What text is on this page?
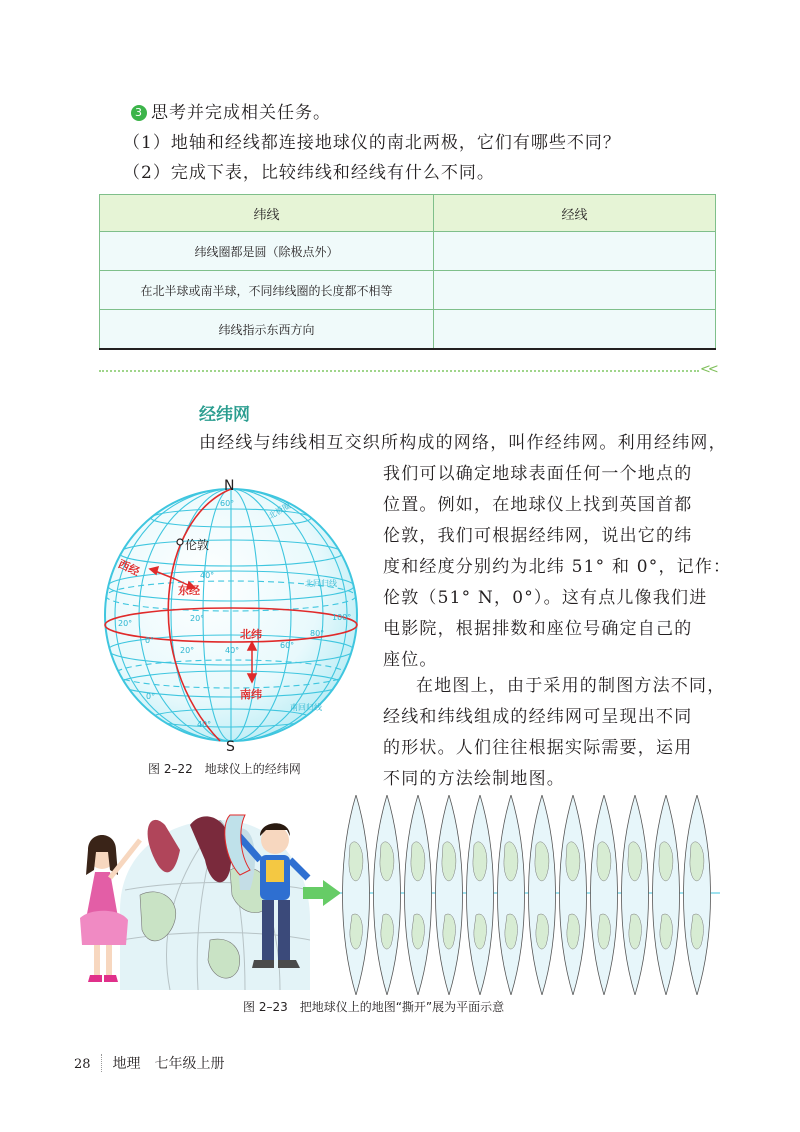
3 思考并完成相关任务。
（1）地轴和经线都连接地球仪的南北两极，它们有哪些不同？
（2）完成下表，比较纬线和经线有什么不同。
纬线	经线
纬线圈都是圆（除极点外）	
在北半球或南半球，不同纬线圈的长度都不相等	
纬线指示东西方向	
<<
经纬网
由经线与纬线相互交织所构成的网络，叫作经纬网。利用经纬网，
我们可以确定地球表面任何一个地点的
位置。例如，在地球仪上找到英国首都
伦敦，我们可根据经纬网，说出它的纬
度和经度分别约为北纬 51° 和 0°，记作：
伦敦（51° N，0°）。这有点儿像我们进
电影院，根据排数和座位号确定自己的
座位。
在地图上，由于采用的制图方法不同，
经线和纬线组成的经纬网可呈现出不同
的形状。人们往往根据实际需要，运用
不同的方法绘制地图。
N
伦敦
西经
东经
北纬
南纬
北极圈
北回归线
南回归线
60°
40°
20°
0°
20°
40°
20°
0°
40°
60°
80°
100°
S
图 2–22　地球仪上的经纬网
图 2–23　把地球仪上的地图“撕开”展为平面示意
28 地理　七年级上册
